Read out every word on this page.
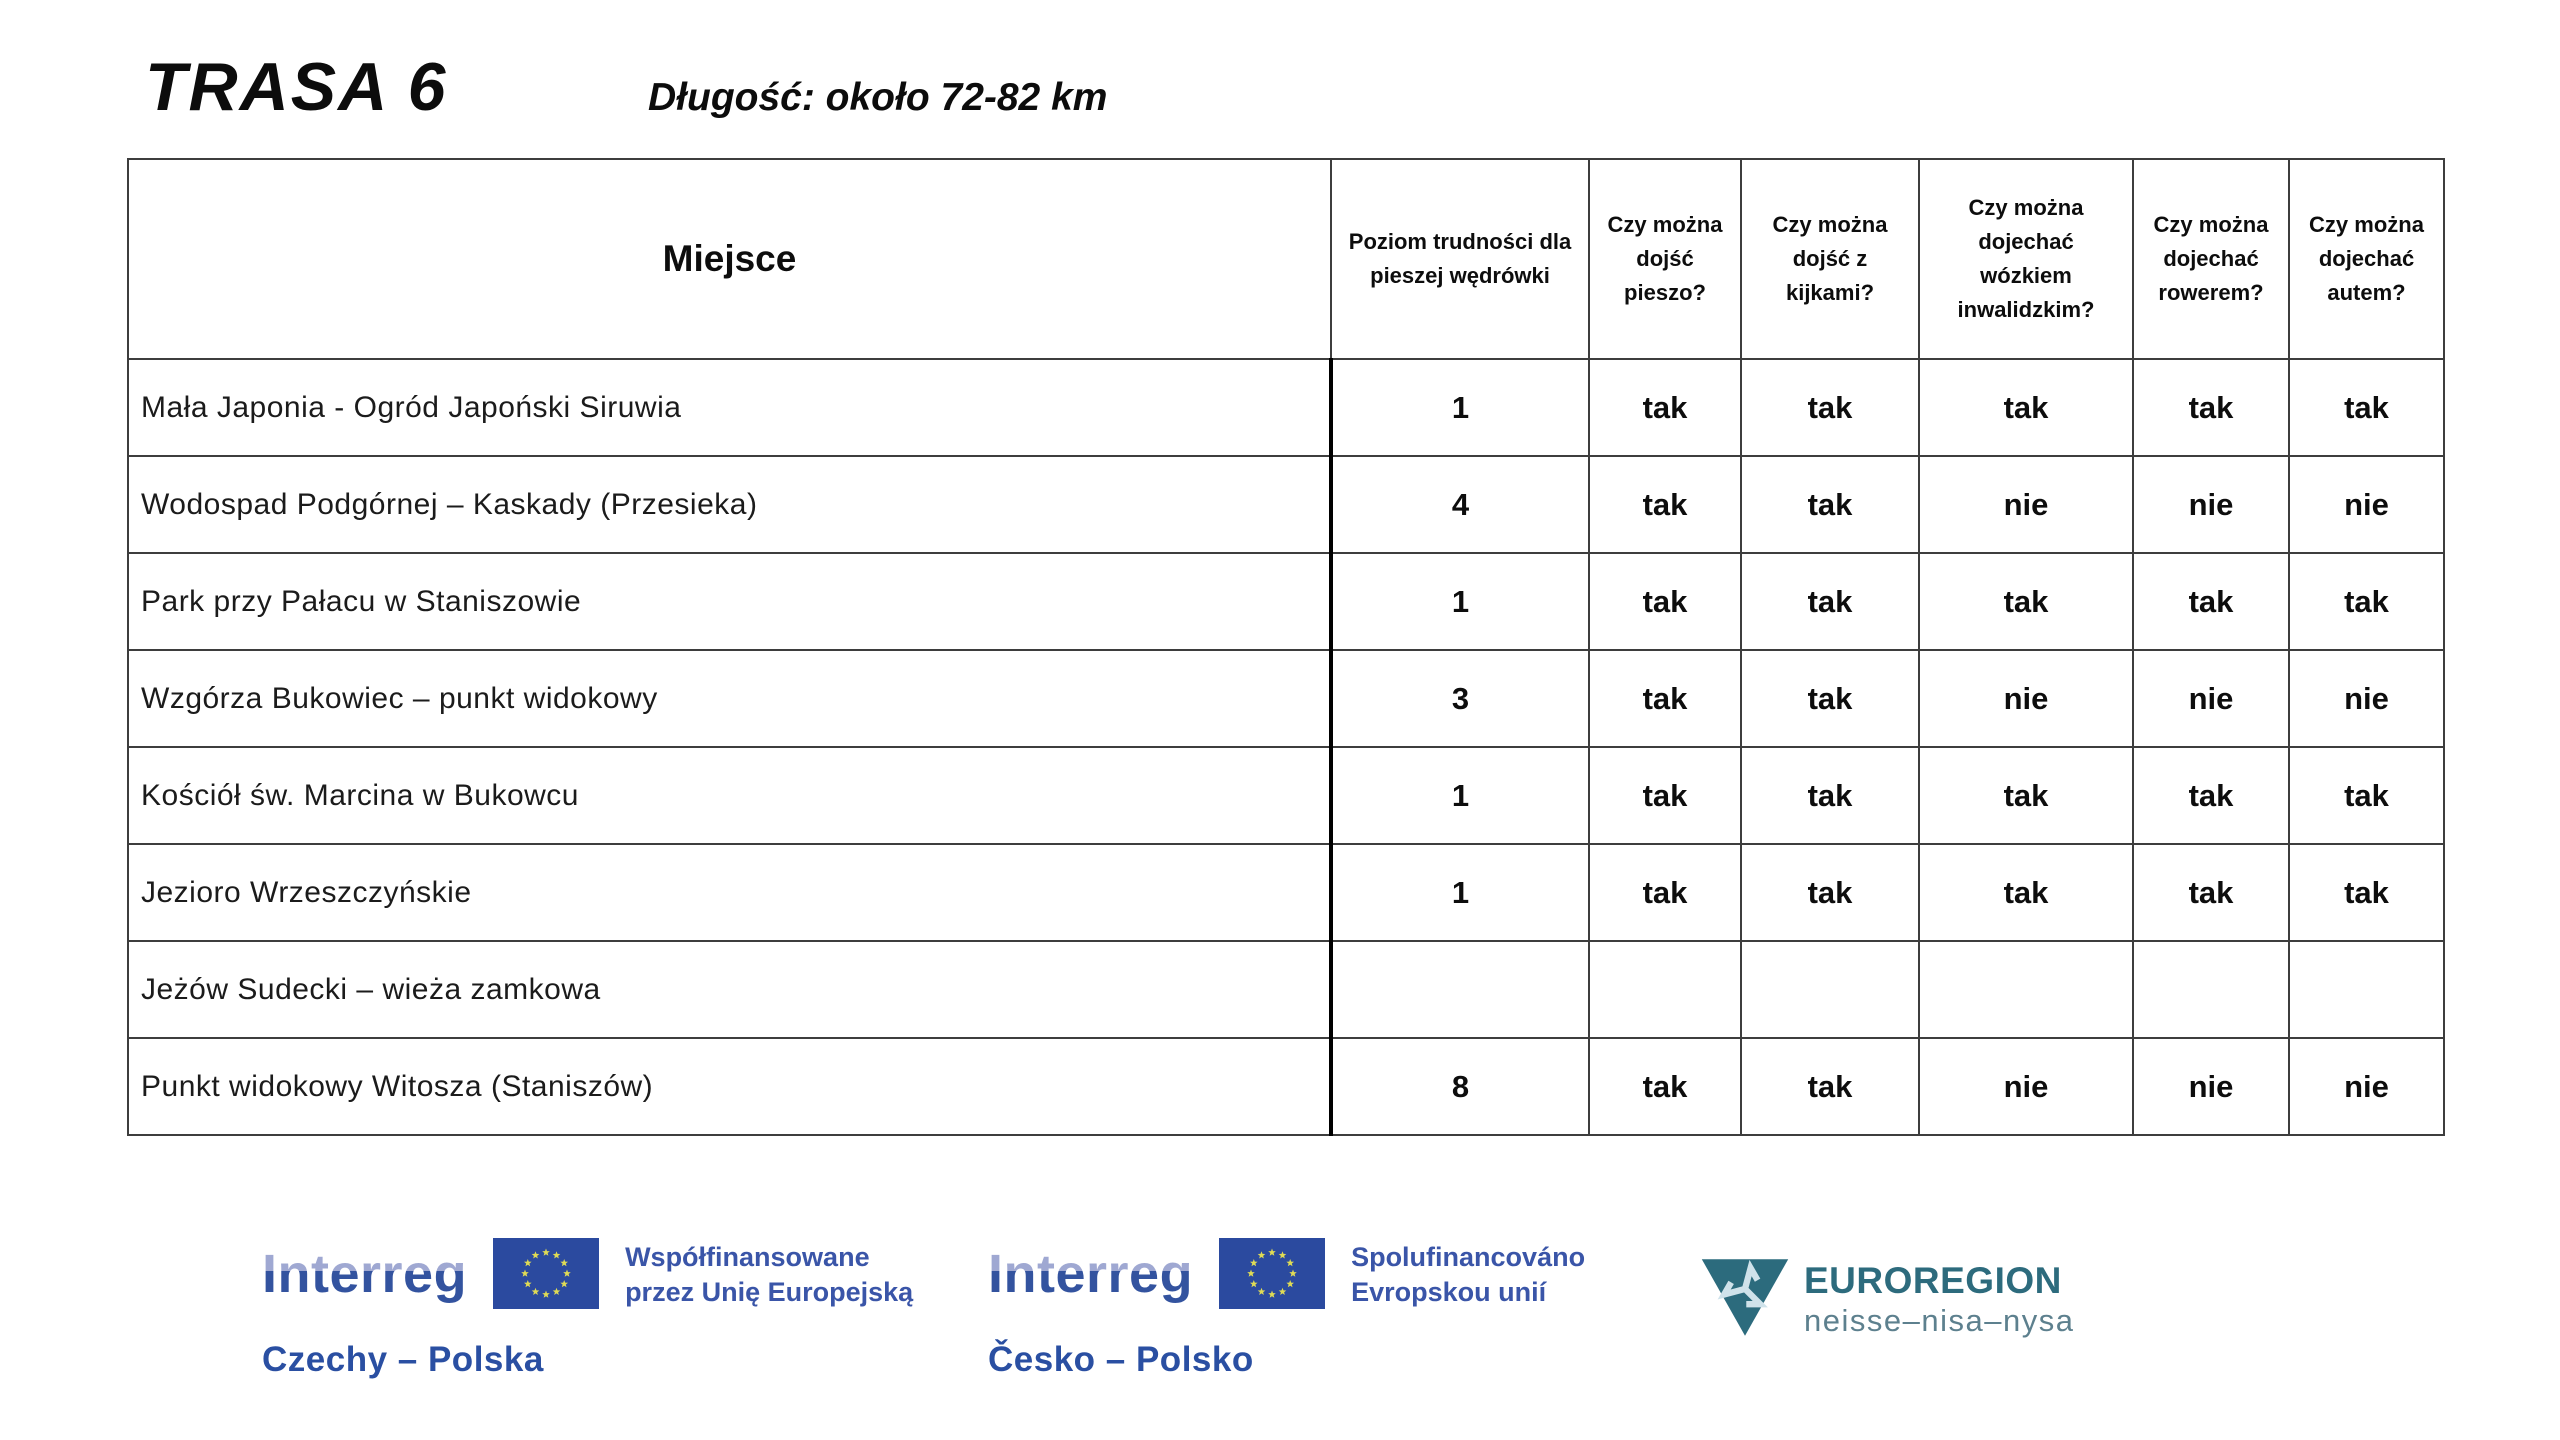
TRASA 6	Długość: około 72-82 km
Miejsce	Poziom trudności dla pieszej wędrówki	Czy można dojść pieszo?	Czy można dojść z kijkami?	Czy można dojechać wózkiem inwalidzkim?	Czy można dojechać rowerem?	Czy można dojechać autem?
Mała Japonia - Ogród Japoński Siruwia	1	tak	tak	tak	tak	tak
Wodospad Podgórnej – Kaskady (Przesieka)	4	tak	tak	nie	nie	nie
Park przy Pałacu w Staniszowie	1	tak	tak	tak	tak	tak
Wzgórza Bukowiec – punkt widokowy	3	tak	tak	nie	nie	nie
Kościół św. Marcina w Bukowcu	1	tak	tak	tak	tak	tak
Jezioro Wrzeszczyńskie	1	tak	tak	tak	tak	tak
Jeżów Sudecki – wieża zamkowa						
Punkt widokowy Witosza (Staniszów)	8	tak	tak	nie	nie	nie
Interreg	Współfinansowane
przez Unię Europejską
Czechy – Polska
Interreg	Spolufinancováno
Evropskou unií
Česko – Polsko
EUROREGION
neisse–nisa–nysa
